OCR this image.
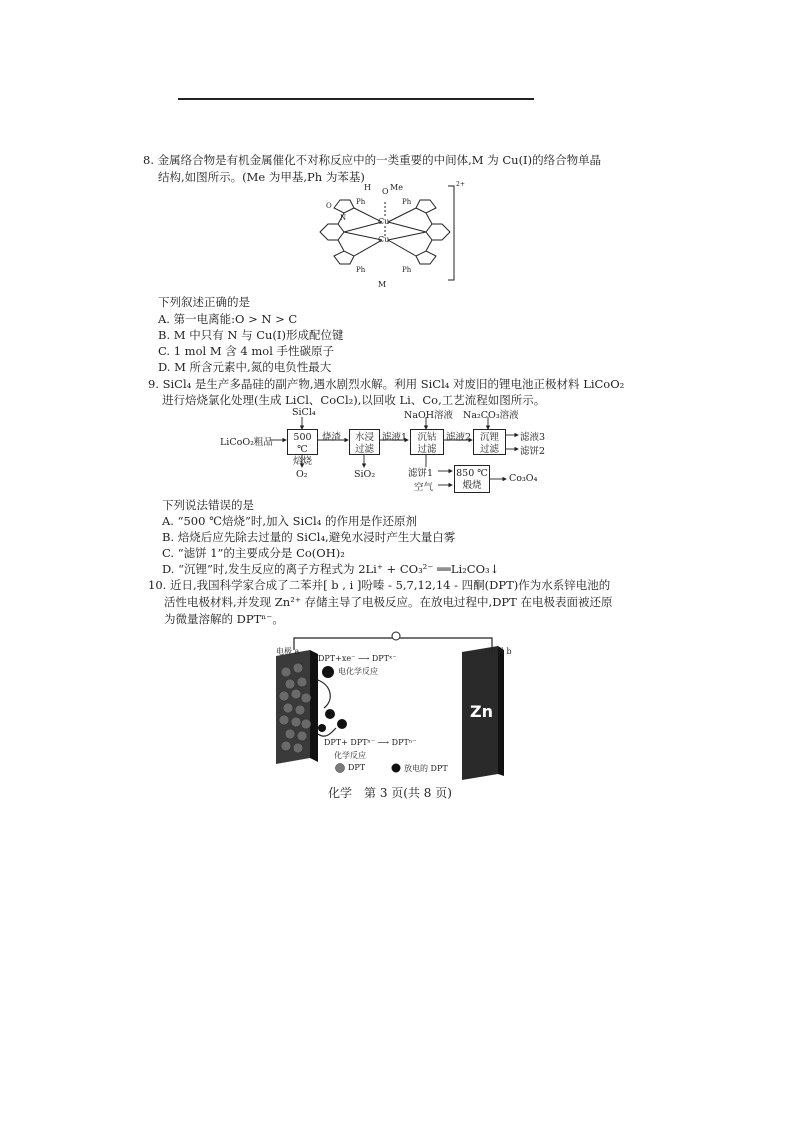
8. 金属络合物是有机金属催化不对称反应中的一类重要的中间体,M 为 Cu(Ⅰ)的络合物单晶
结构,如图所示。(Me 为甲基,Ph 为苯基)
H O Me
Cu
Cu
2+
Ph	Ph
Ph	Ph
N
O
M
下列叙述正确的是
A. 第一电离能:O > N > C
B. M 中只有 N 与 Cu(Ⅰ)形成配位键
C. 1 mol M 含 4 mol 手性碳原子
D. M 所含元素中,氮的电负性最大
9. SiCl₄ 是生产多晶硅的副产物,遇水剧烈水解。利用 SiCl₄ 对废旧的锂电池正极材料 LiCoO₂
进行焙烧氯化处理(生成 LiCl、CoCl₂),以回收 Li、Co,工艺流程如图所示。
LiCoO₂粗品
SiCl₄
500 ℃
焙烧
O₂
烧渣	水浸
过滤
SiO₂
滤液1
NaOH溶液
沉钴
过滤
滤液2
Na₂CO₃溶液
沉锂
过滤
滤液3
滤饼2
滤饼1
空气
850 ℃
煅烧
Co₃O₄
下列说法错误的是
A. “500 ℃焙烧”时,加入 SiCl₄ 的作用是作还原剂
B. 焙烧后应先除去过量的 SiCl₄,避免水浸时产生大量白雾
C. “滤饼 1”的主要成分是 Co(OH)₂
D. “沉锂”时,发生反应的离子方程式为 2Li⁺ + CO₃²⁻ ══Li₂CO₃↓
10. 近日,我国科学家合成了二苯并[ b , i ]吩嗪 - 5,7,12,14 - 四酮(DPT)作为水系锌电池的
活性电极材料,并发现 Zn²⁺ 存储主导了电极反应。在放电过程中,DPT 在电极表面被还原
为微量溶解的 DPTⁿ⁻。
电极 a	电极 b
Zn
DPT+xe⁻ ⟶ DPTˣ⁻
电化学反应
DPT+ DPTˣ⁻ ⟶ DPTⁿ⁻
化学反应
DPT	放电的 DPT
化学　第 3 页(共 8 页)
